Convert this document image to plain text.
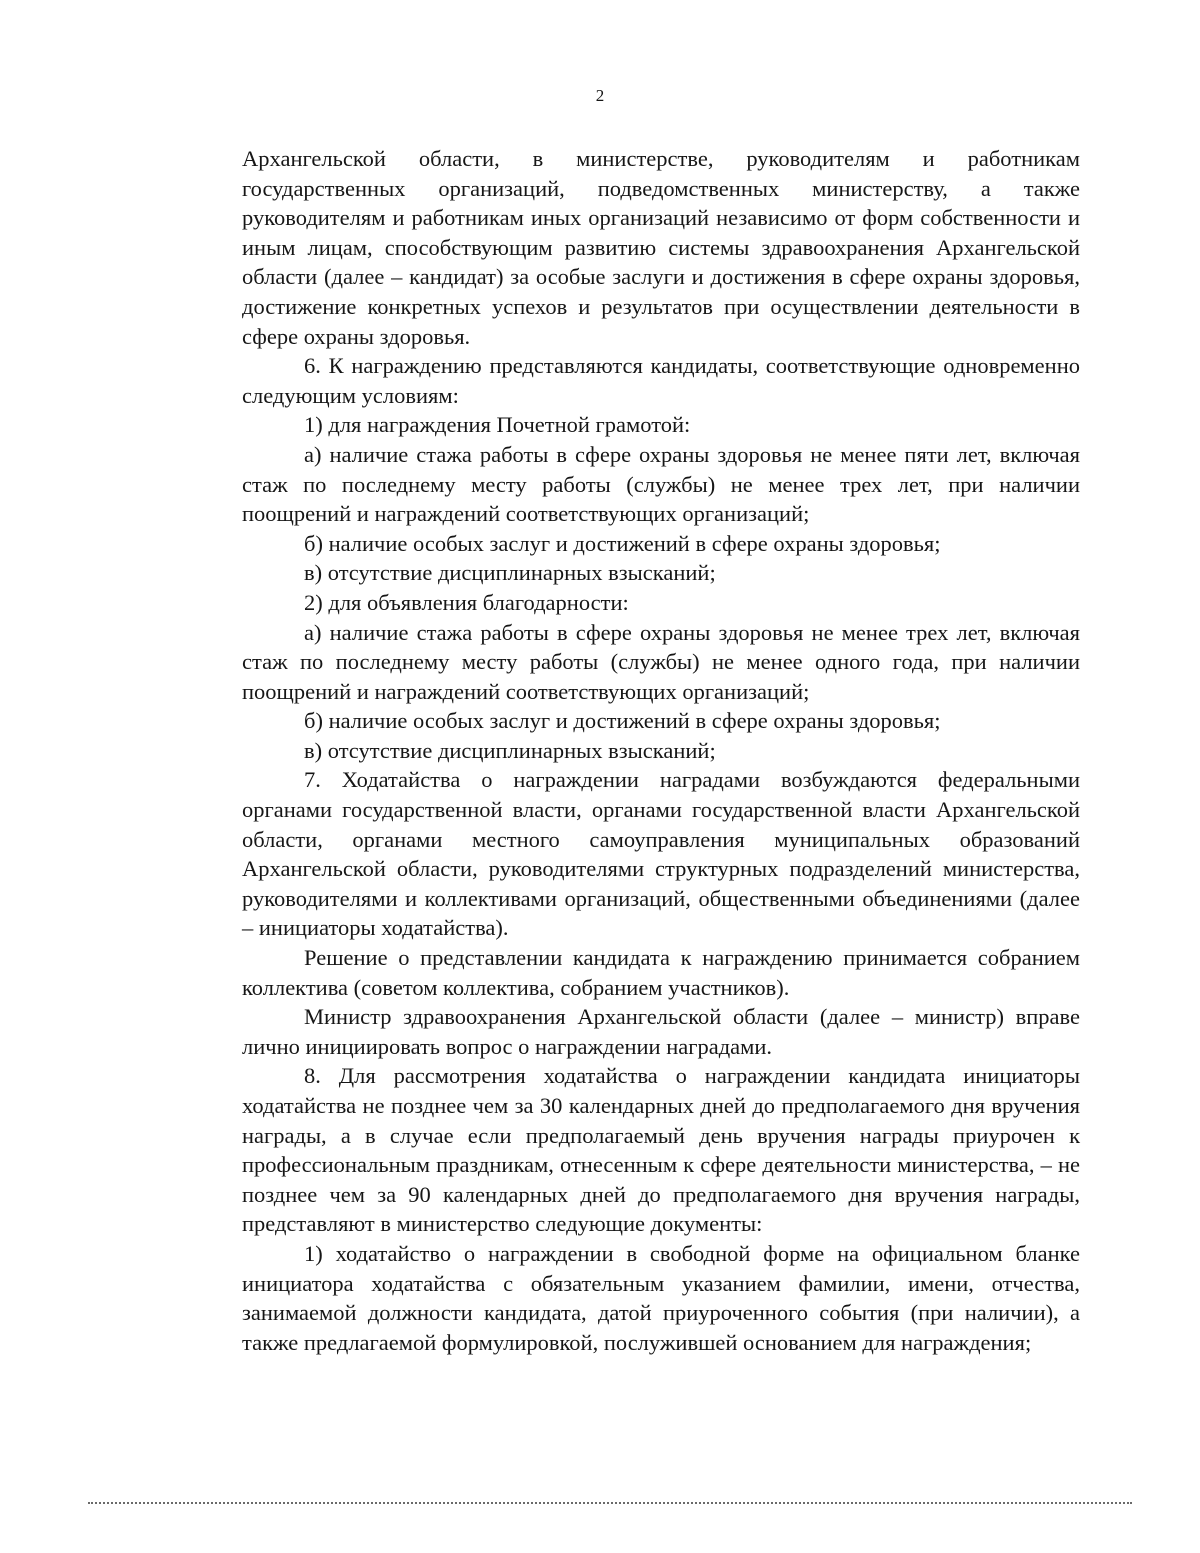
2

Архангельской области, в министерстве, руководителям и работникам государственных организаций, подведомственных министерству, а также руководителям и работникам иных организаций независимо от форм собственности и иным лицам, способствующим развитию системы здравоохранения Архангельской области (далее – кандидат) за особые заслуги и достижения в сфере охраны здоровья, достижение конкретных успехов и результатов при осуществлении деятельности в сфере охраны здоровья.

6. К награждению представляются кандидаты, соответствующие одновременно следующим условиям:

1) для награждения Почетной грамотой:

а) наличие стажа работы в сфере охраны здоровья не менее пяти лет, включая стаж по последнему месту работы (службы) не менее трех лет, при наличии поощрений и награждений соответствующих организаций;

б) наличие особых заслуг и достижений в сфере охраны здоровья;

в) отсутствие дисциплинарных взысканий;

2) для объявления благодарности:

а) наличие стажа работы в сфере охраны здоровья не менее трех лет, включая стаж по последнему месту работы (службы) не менее одного года, при наличии поощрений и награждений соответствующих организаций;

б) наличие особых заслуг и достижений в сфере охраны здоровья;

в) отсутствие дисциплинарных взысканий;

7. Ходатайства о награждении наградами возбуждаются федеральными органами государственной власти, органами государственной власти Архангельской области, органами местного самоуправления муниципальных образований Архангельской области, руководителями структурных подразделений министерства, руководителями и коллективами организаций, общественными объединениями (далее – инициаторы ходатайства).

Решение о представлении кандидата к награждению принимается собранием коллектива (советом коллектива, собранием участников).

Министр здравоохранения Архангельской области (далее – министр) вправе лично инициировать вопрос о награждении наградами.

8. Для рассмотрения ходатайства о награждении кандидата инициаторы ходатайства не позднее чем за 30 календарных дней до предполагаемого дня вручения награды, а в случае если предполагаемый день вручения награды приурочен к профессиональным праздникам, отнесенным к сфере деятельности министерства, – не позднее чем за 90 календарных дней до предполагаемого дня вручения награды, представляют в министерство следующие документы:

1) ходатайство о награждении в свободной форме на официальном бланке инициатора ходатайства с обязательным указанием фамилии, имени, отчества, занимаемой должности кандидата, датой приуроченного события (при наличии), а также предлагаемой формулировкой, послужившей основанием для награждения;
